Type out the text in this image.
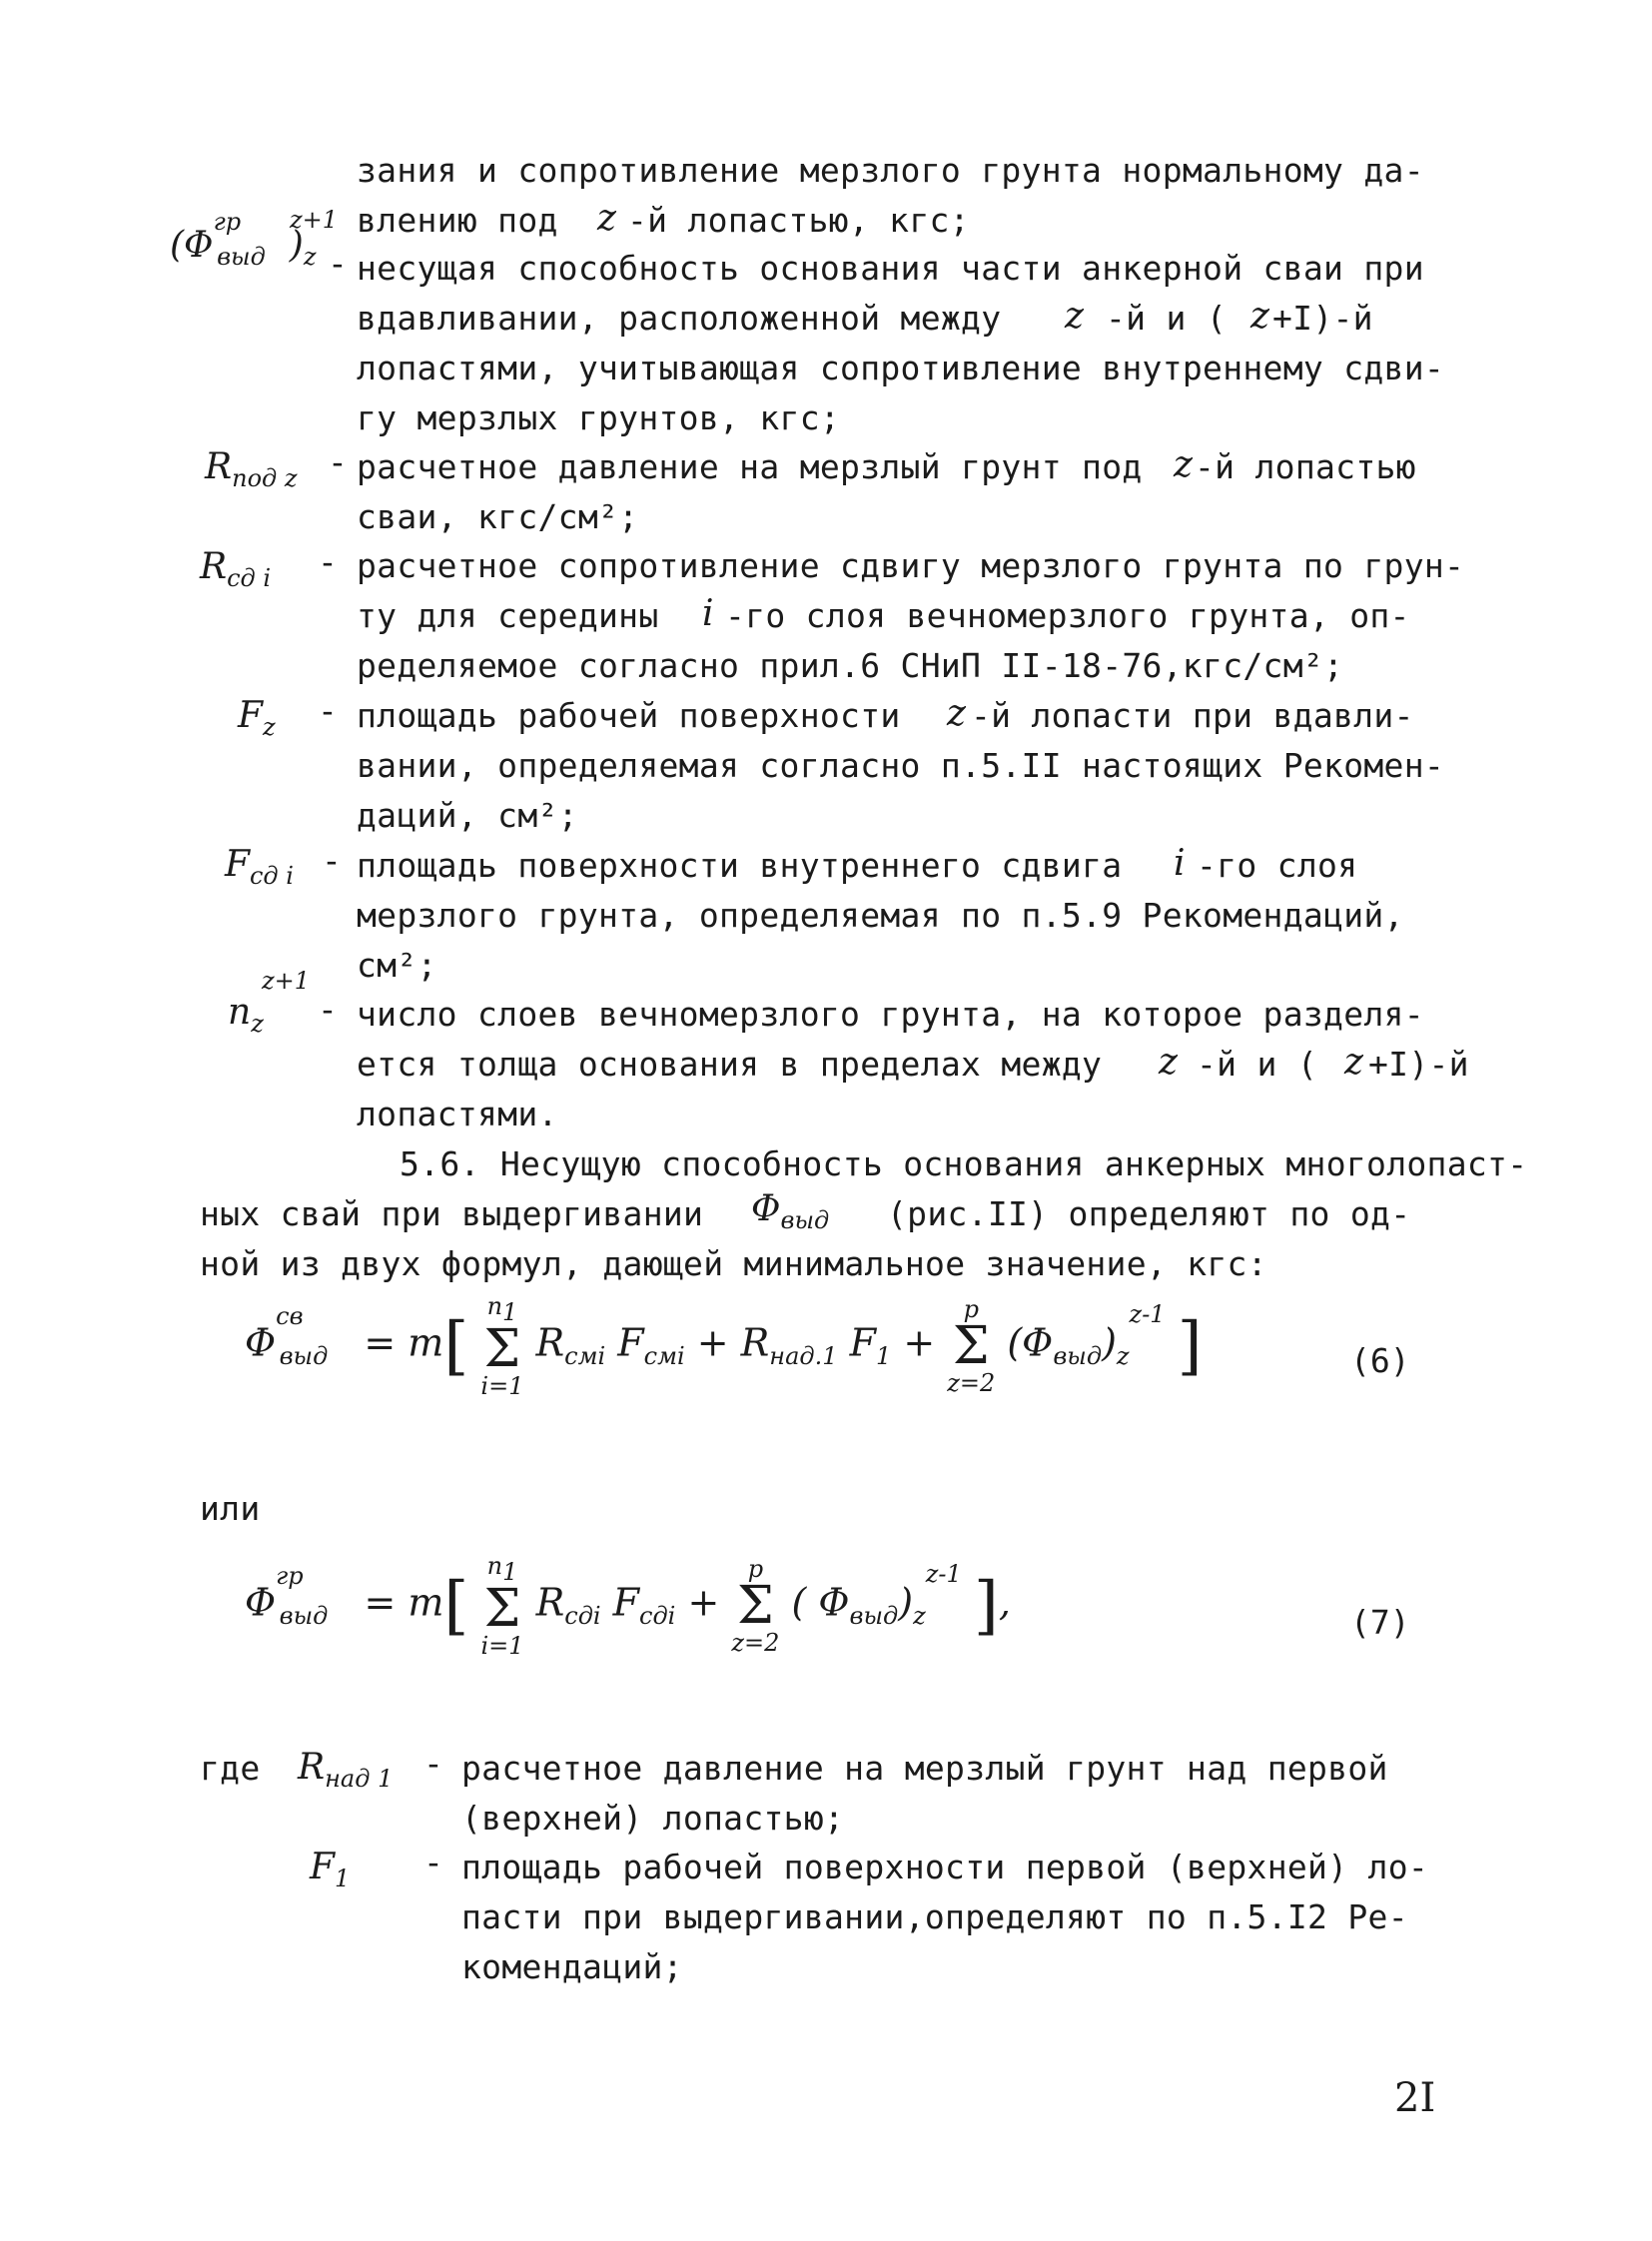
зания и сопротивление мерзлого грунта нормальному да-
влению под z -й лопастью, кгс;
($\Phi^{гр}_{выд}$ )$_z$
z+1
- несущая способность основания части анкерной сваи при
вдавливании, расположенной между z -й и ( z +I)-й
лопастями, учитывающая сопротивление внутреннему сдви-
гу мерзлых грунтов, кгс;
$R_{под z}$ - расчетное давление на мерзлый грунт под z -й лопастью
сваи, кгс/см²;
$R_{сд i}$ - расчетное сопротивление сдвигу мерзлого грунта по грун-
ту для середины i -го слоя вечномерзлого грунта, оп-
ределяемое согласно прил.6 СНиП II-18-76,кгс/см²;
$F_z$ - площадь рабочей поверхности z -й лопасти при вдавли-
вании, определяемая согласно п.5.II настоящих Рекомен-
даций, см²;
$F_{сд i}$ - площадь поверхности внутреннего сдвига i -го слоя
мерзлого грунта, определяемая по п.5.9 Рекомендаций,
см²;
z+1
$n_z$ - число слоев вечномерзлого грунта, на которое разделя-
ется толща основания в пределах между z -й и ( z +I)-й
лопастями.
5.6. Несущую способность основания анкерных многолопаст-
ных свай при выдергивании $\Phi_{выд}$ (рис.II) определяют по од-
ной из двух формул, дающей минимальное значение, кгс:
$\Phi^{св}_{выд} = m$[ $n_1$
Σ
i=1 $R_{смi}$ $F_{смi} + R_{над.1}$ $F_1 + p$
Σ
z=2 $(\Phi_{выд})_z^{z-1}$ ]	(6)
или
$\Phi^{гр}_{выд} = m$[ $n_1$
Σ
i=1 $R_{сдi}$ $F_{сдi} + p$
Σ
z=2 ( $\Phi_{выд})_z^{z-1}$ ],	(7)
где $R_{над 1}$ - расчетное давление на мерзлый грунт над первой
(верхней) лопастью;
$F_1$ - площадь рабочей поверхности первой (верхней) ло-
пасти при выдергивании,определяют по п.5.I2 Ре-
комендаций;
2I
